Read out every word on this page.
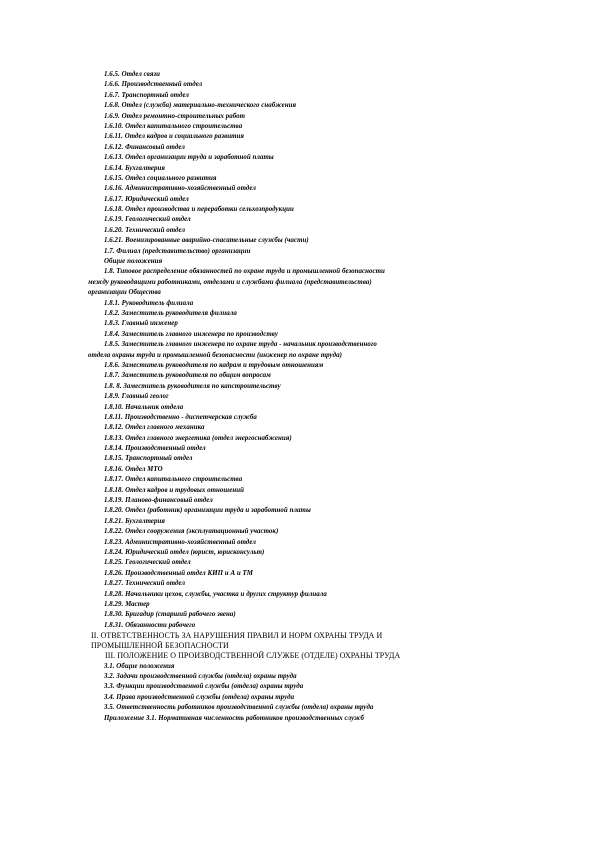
1.6.5. Отдел связи
1.6.6. Производственный отдел
1.6.7. Транспортный отдел
1.6.8. Отдел (служба) материально-технического снабжения
1.6.9. Отдел ремонтно-строительных работ
1.6.10. Отдел капитального строительства
1.6.11. Отдел кадров и социального развития
1.6.12. Финансовый отдел
1.6.13. Отдел организации труда и заработной платы
1.6.14. Бухгалтерия
1.6.15. Отдел социального развития
1.6.16. Административно-хозяйственный отдел
1.6.17. Юридический отдел
1.6.18. Отдел производства и переработки сельхозпродукции
1.6.19. Геологический отдел
1.6.20. Технический отдел
1.6.21. Военизированные аварийно-спасательные службы (части)
1.7. Филиал (представительство) организации
Общие положения
1.8. Типовое распределение обязанностей по охране труда и промышленной безопасности
между руководящими работниками, отделами и службами филиала (представительства)
организации Общества
1.8.1. Руководитель филиала
1.8.2. Заместитель руководителя филиала
1.8.3. Главный инженер
1.8.4. Заместитель главного инженера по производству
1.8.5. Заместитель главного инженера по охране труда - начальник производственного
отдела охраны труда и промышленной безопасности (инженер по охране труда)
1.8.6. Заместитель руководителя по кадрам и трудовым отношениям
1.8.7. Заместитель руководителя по общим вопросам
1.8. 8. Заместитель руководителя по капстроительству
1.8.9. Главный геолог
1.8.10. Начальник отдела
1.8.11. Производственно - диспетчерская служба
1.8.12. Отдел главного механика
1.8.13. Отдел главного энергетика (отдел энергоснабжения)
1.8.14. Производственный отдел
1.8.15. Транспортный отдел
1.8.16. Отдел МТО
1.8.17. Отдел капитального строительства
1.8.18. Отдел кадров и трудовых отношений
1.8.19. Планово-финансовый отдел
1.8.20. Отдел (работник) организации труда и заработной платы
1.8.21. Бухгалтерия
1.8.22. Отдел сооружения (эксплуатационный участок)
1.8.23. Административно-хозяйственный отдел
1.8.24. Юридический отдел (юрист, юрисконсульт)
1.8.25. Геологический отдел
1.8.26. Производственный отдел КИП и А и ТМ
1.8.27. Технический отдел
1.8.28. Начальники цехов, службы, участка и других структур филиала
1.8.29. Мастер
1.8.30. Бригадир (старший рабочего звена)
1.8.31. Обязанности рабочего
II. ОТВЕТСТВЕННОСТЬ ЗА НАРУШЕНИЯ ПРАВИЛ И НОРМ ОХРАНЫ ТРУДА И
ПРОМЫШЛЕННОЙ БЕЗОПАСНОСТИ
III. ПОЛОЖЕНИЕ О ПРОИЗВОДСТВЕННОЙ СЛУЖБЕ (ОТДЕЛЕ) ОХРАНЫ ТРУДА
3.1. Общие положения
3.2. Задачи производственной службы (отдела) охраны труда
3.3. Функции производственной службы (отдела) охраны труда
3.4. Права производственной службы (отдела) охраны труда
3.5. Ответственность работников производственной службы (отдела) охраны труда
Приложение 3.1. Нормативная численность работников производственных служб
